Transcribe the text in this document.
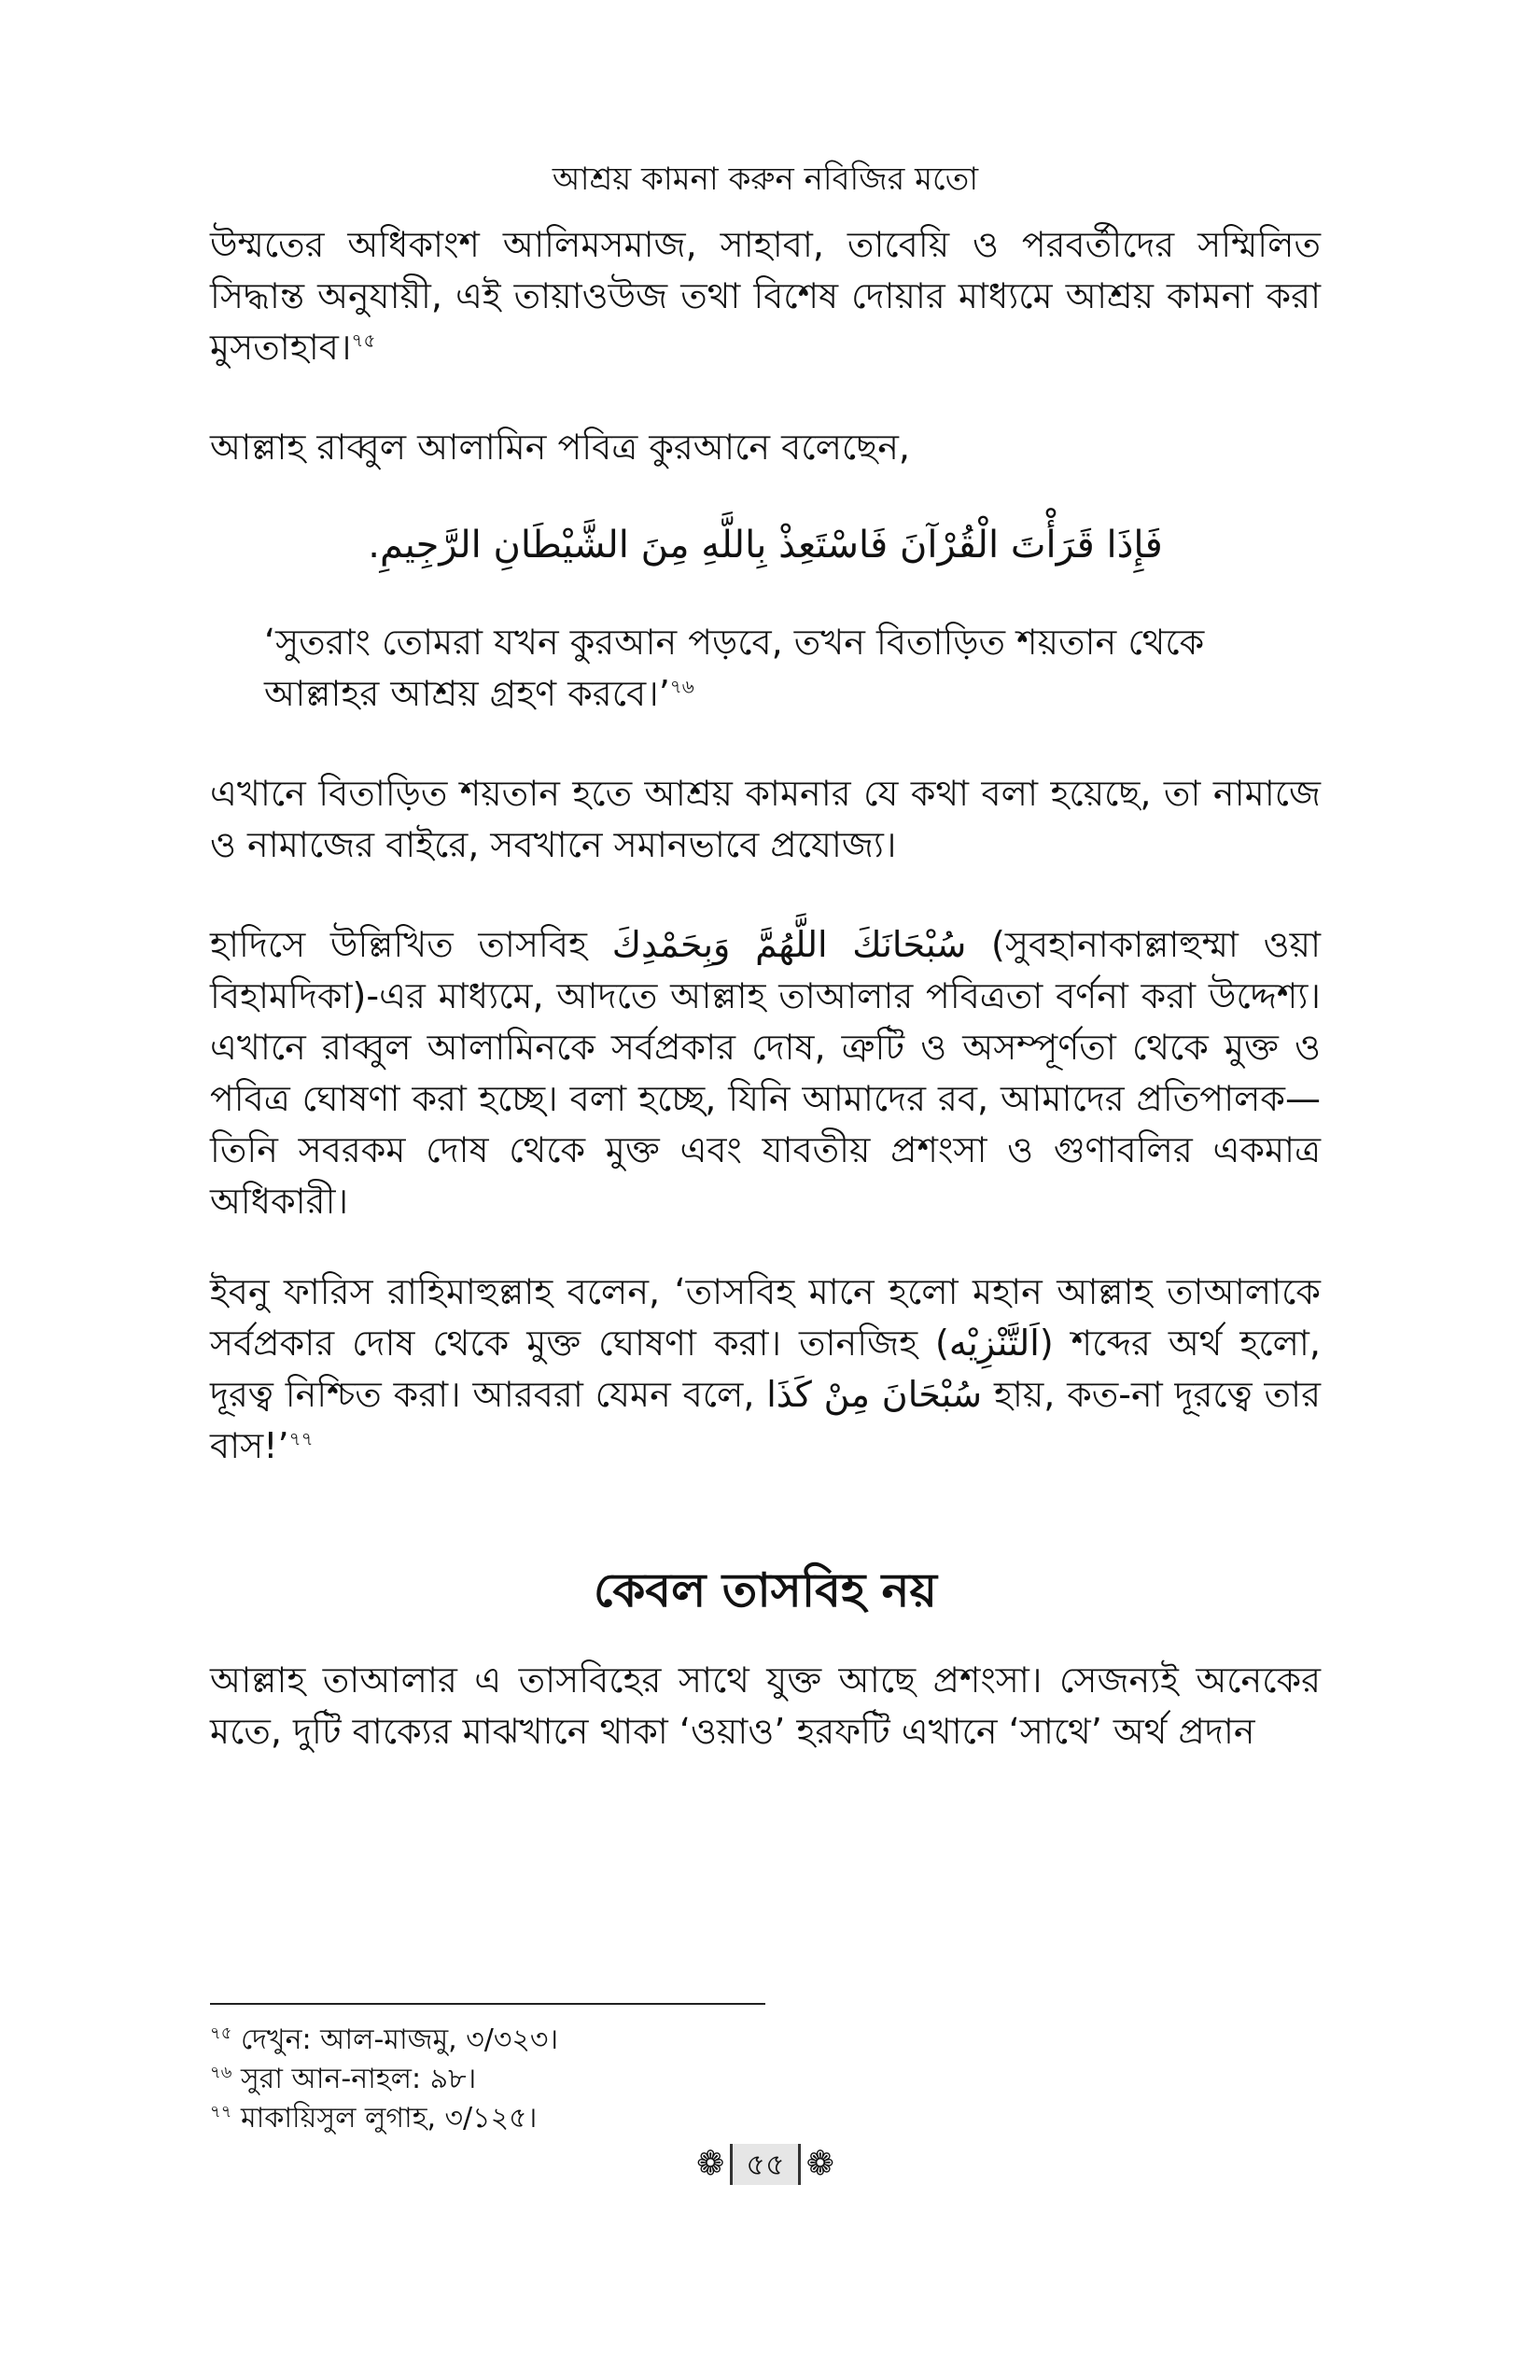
আশ্রয় কামনা করুন নবিজির মতো

উম্মতের অধিকাংশ আলিমসমাজ, সাহাবা, তাবেয়ি ও পরবর্তীদের সম্মিলিত সিদ্ধান্ত অনুযায়ী, এই তায়াওউজ তথা বিশেষ দোয়ার মাধ্যমে আশ্রয় কামনা করা মুসতাহাব।$^{৭৫}$

আল্লাহ রাব্বুল আলামিন পবিত্র কুরআনে বলেছেন,

فَإِذَا قَرَأْتَ الْقُرْآنَ فَاسْتَعِذْ بِاللَّهِ مِنَ الشَّيْطَانِ الرَّجِيمِ.

‘সুতরাং তোমরা যখন কুরআন পড়বে, তখন বিতাড়িত শয়তান থেকে আল্লাহর আশ্রয় গ্রহণ করবে।’$^{৭৬}$

এখানে বিতাড়িত শয়তান হতে আশ্রয় কামনার যে কথা বলা হয়েছে, তা নামাজে ও নামাজের বাইরে, সবখানে সমানভাবে প্রযোজ্য।

হাদিসে উল্লিখিত তাসবিহ سُبْحَانَكَ اللَّهُمَّ وَبِحَمْدِكَ (সুবহানাকাল্লাহুম্মা ওয়া বিহামদিকা)-এর মাধ্যমে, আদতে আল্লাহ তাআলার পবিত্রতা বর্ণনা করা উদ্দেশ্য। এখানে রাব্বুল আলামিনকে সর্বপ্রকার দোষ, ত্রুটি ও অসম্পূর্ণতা থেকে মুক্ত ও পবিত্র ঘোষণা করা হচ্ছে। বলা হচ্ছে, যিনি আমাদের রব, আমাদের প্রতিপালক—তিনি সবরকম দোষ থেকে মুক্ত এবং যাবতীয় প্রশংসা ও গুণাবলির একমাত্র অধিকারী।

ইবনু ফারিস রাহিমাহুল্লাহ বলেন, ‘তাসবিহ মানে হলো মহান আল্লাহ তাআলাকে সর্বপ্রকার দোষ থেকে মুক্ত ঘোষণা করা। তানজিহ (اَلتَّنْزِيْه) শব্দের অর্থ হলো, দূরত্ব নিশ্চিত করা। আরবরা যেমন বলে, سُبْحَانَ مِنْ كَذَا হায়, কত-না দূরত্বে তার বাস!’$^{৭৭}$

কেবল তাসবিহ নয়

আল্লাহ তাআলার এ তাসবিহের সাথে যুক্ত আছে প্রশংসা। সেজন্যই অনেকের মতে, দুটি বাক্যের মাঝখানে থাকা ‘ওয়াও’ হরফটি এখানে ‘সাথে’ অর্থ প্রদান

$^{৭৫}$ দেখুন: আল-মাজমু, ৩/৩২৩।
$^{৭৬}$ সুরা আন-নাহল: ৯৮।
$^{৭৭}$ মাকায়িসুল লুগাহ, ৩/১২৫।
❁ ৫৫ ❁
